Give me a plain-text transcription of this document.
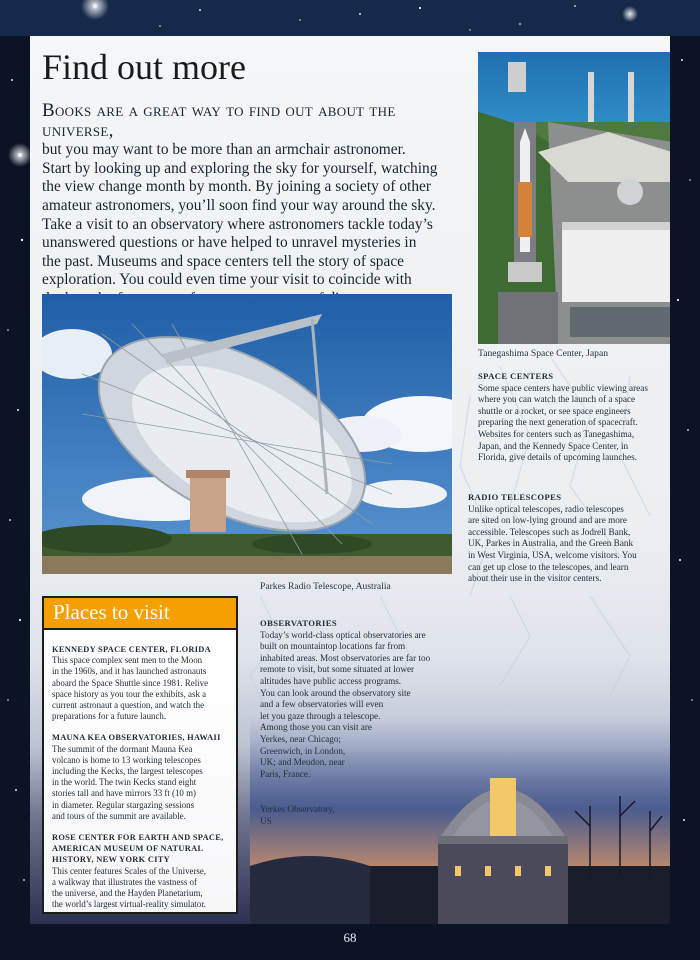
Find out more
Books are a great way to find out about the universe,
but you may want to be more than an armchair astronomer.
Start by looking up and exploring the sky for yourself, watching
the view change month by month. By joining a society of other
amateur astronomers, you’ll soon find your way around the sky.
Take a visit to an observatory where astronomers tackle today’s
unanswered questions or have helped to unravel mysteries in
the past. Museums and space centers tell the story of space
exploration. You could even time your visit to coincide with
Tanegashima Space Center, Japan
Parkes Radio Telescope, Australia
SPACE CENTERS
Some space centers have public viewing areas
where you can watch the launch of a space
shuttle or a rocket, or see space engineers
preparing the next generation of spacecraft.
Websites for centers such as Tanegashima,
Japan, and the Kennedy Space Center, in
Florida, give details of upcoming launches.
RADIO TELESCOPES
Unlike optical telescopes, radio telescopes
are sited on low-lying ground and are more
accessible. Telescopes such as Jodrell Bank,
UK, Parkes in Australia, and the Green Bank
in West Virginia, USA, welcome visitors. You
can get up close to the telescopes, and learn
about their use in the visitor centers.
OBSERVATORIES
Today’s world-class optical observatories are
built on mountaintop locations far from
inhabited areas. Most observatories are far too
remote to visit, but some situated at lower
altitudes have public access programs.
You can look around the observatory site
and a few observatories will even
let you gaze through a telescope.
Among those you can visit are
Yerkes, near Chicago;
Greenwich, in London,
UK; and Meudon, near
Paris, France.
Yerkes Observatory,
US
Places to visit
KENNEDY SPACE CENTER, FLORIDA
This space complex sent men to the Moon
in the 1960s, and it has launched astronauts
aboard the Space Shuttle since 1981. Relive
space history as you tour the exhibits, ask a
current astronaut a question, and watch the
preparations for a future launch.
MAUNA KEA OBSERVATORIES, HAWAII
The summit of the dormant Mauna Kea
volcano is home to 13 working telescopes
including the Kecks, the largest telescopes
in the world. The twin Kecks stand eight
stories tall and have mirrors 33 ft (10 m)
in diameter. Regular stargazing sessions
and tours of the summit are available.
ROSE CENTER FOR EARTH AND SPACE,
AMERICAN MUSEUM OF NATURAL
HISTORY, NEW YORK CITY
This center features Scales of the Universe,
a walkway that illustrates the vastness of
the universe, and the Hayden Planetarium,
the world’s largest virtual-reality simulator.
68
